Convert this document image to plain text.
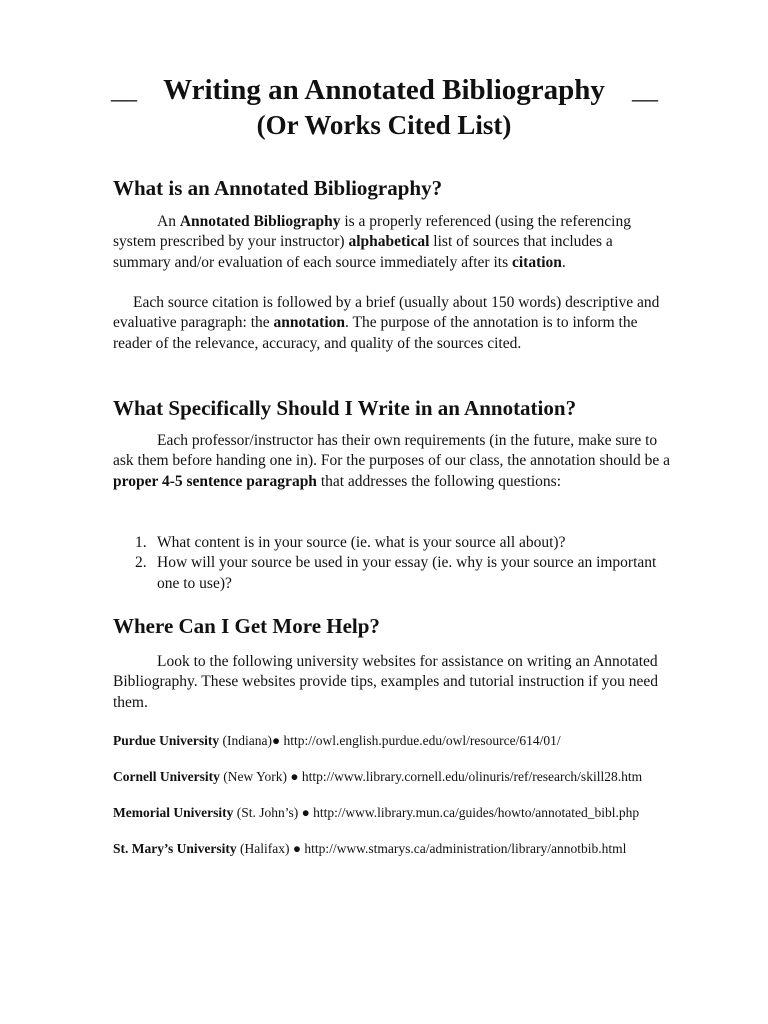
__ Writing an Annotated Bibliography	__
(Or Works Cited List)
What is an Annotated Bibliography?

An Annotated Bibliography is a properly referenced (using the referencing system prescribed by your instructor) alphabetical list of sources that includes a summary and/or evaluation of each source immediately after its citation.

Each source citation is followed by a brief (usually about 150 words) descriptive and evaluative paragraph: the annotation. The purpose of the annotation is to inform the reader of the relevance, accuracy, and quality of the sources cited.

What Specifically Should I Write in an Annotation?

Each professor/instructor has their own requirements (in the future, make sure to ask them before handing one in). For the purposes of our class, the annotation should be a proper 4-5 sentence paragraph that addresses the following questions:

1. What content is in your source (ie. what is your source all about)?
2. How will your source be used in your essay (ie. why is your source an important one to use)?
Where Can I Get More Help?

Look to the following university websites for assistance on writing an Annotated Bibliography. These websites provide tips, examples and tutorial instruction if you need them.

Purdue University (Indiana)● http://owl.english.purdue.edu/owl/resource/614/01/
Cornell University (New York) ● http://www.library.cornell.edu/olinuris/ref/research/skill28.htm
Memorial University (St. John’s) ● http://www.library.mun.ca/guides/howto/annotated_bibl.php
St. Mary’s University (Halifax) ● http://www.stmarys.ca/administration/library/annotbib.html
